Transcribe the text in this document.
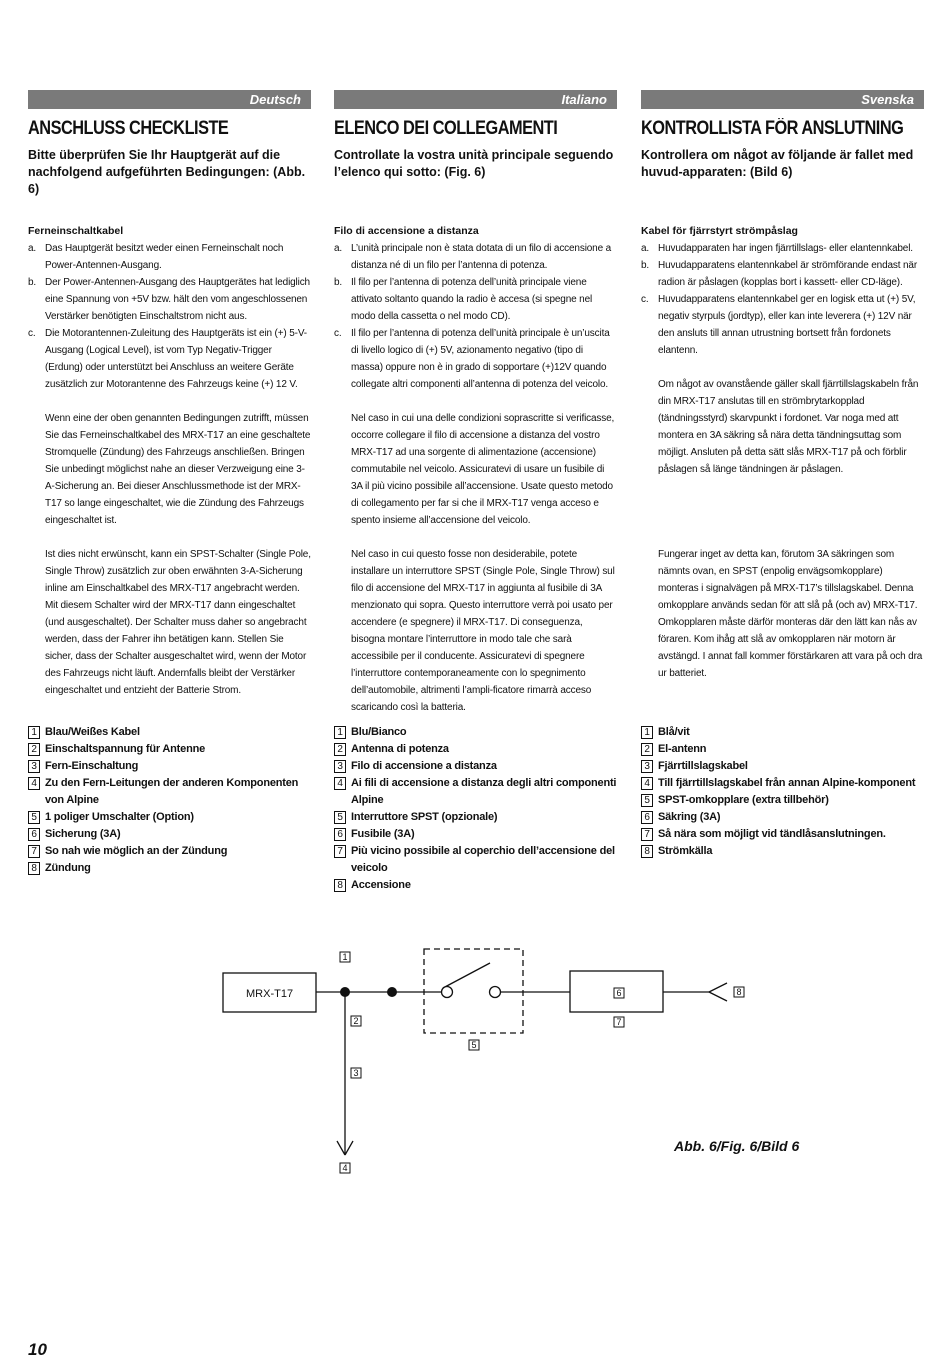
Deutsch
ANSCHLUSS CHECKLISTE

Bitte überprüfen Sie Ihr Hauptgerät auf die nachfolgend aufgeführten Bedingungen: (Abb. 6)

Ferneinschaltkabel
a. Das Hauptgerät besitzt weder einen Ferneinschalt noch Power-Antennen-Ausgang.
b. Der Power-Antennen-Ausgang des Hauptgerätes hat lediglich eine Spannung von +5V bzw. hält den vom angeschlossenen Verstärker benötigten Einschaltstrom nicht aus.
c. Die Motorantennen-Zuleitung des Hauptgeräts ist ein (+) 5-V-Ausgang (Logical Level), ist vom Typ Negativ-Trigger (Erdung) oder unterstützt bei Anschluss an weitere Geräte zusätzlich zur Motorantenne des Fahrzeugs keine (+) 12 V.

Wenn eine der oben genannten Bedingungen zutrifft, müssen Sie das Ferneinschaltkabel des MRX-T17 an eine geschaltete Stromquelle (Zündung) des Fahrzeugs anschließen. Bringen Sie unbedingt möglichst nahe an dieser Verzweigung eine 3-A-Sicherung an. Bei dieser Anschlussmethode ist der MRX-T17 so lange eingeschaltet, wie die Zündung des Fahrzeugs eingeschaltet ist.

Ist dies nicht erwünscht, kann ein SPST-Schalter (Single Pole, Single Throw) zusätzlich zur oben erwähnten 3-A-Sicherung inline am Einschaltkabel des MRX-T17 angebracht werden. Mit diesem Schalter wird der MRX-T17 dann eingeschaltet (und ausgeschaltet). Der Schalter muss daher so angebracht werden, dass der Fahrer ihn betätigen kann. Stellen Sie sicher, dass der Schalter ausgeschaltet wird, wenn der Motor des Fahrzeugs nicht läuft. Andernfalls bleibt der Verstärker eingeschaltet und entzieht der Batterie Strom.

Italiano
ELENCO DEI COLLEGAMENTI

Controllate la vostra unità principale seguendo l’elenco qui sotto: (Fig. 6)

Filo di accensione a distanza
a. L’unità principale non è stata dotata di un filo di accensione a distanza né di un filo per l’antenna di potenza.
b. Il filo per l’antenna di potenza dell’unità principale viene attivato soltanto quando la radio è accesa (si spegne nel modo della cassetta o nel modo CD).
c. Il filo per l’antenna di potenza dell’unità principale è un’uscita di livello logico di (+) 5V, azionamento negativo (tipo di massa) oppure non è in grado di sopportare (+)12V quando collegate altri componenti all’antenna di potenza del veicolo.

Nel caso in cui una delle condizioni soprascritte si verificasse, occorre collegare il filo di accensione a distanza del vostro MRX-T17 ad una sorgente di alimentazione (accensione) commutabile nel veicolo. Assicuratevi di usare un fusibile di 3A il più vicino possibile all’accensione. Usate questo metodo di collegamento per far si che il MRX-T17 venga acceso e spento insieme all’accensione del veicolo.

Nel caso in cui questo fosse non desiderabile, potete installare un interruttore SPST (Single Pole, Single Throw) sul filo di accensione del MRX-T17 in aggiunta al fusibile di 3A menzionato qui sopra. Questo interruttore verrà poi usato per accendere (e spegnere) il MRX-T17. Di conseguenza, bisogna montare l’interruttore in modo tale che sarà accessibile per il conducente. Assicuratevi di spegnere l’interruttore contemporaneamente con lo spegnimento dell’automobile, altrimenti l’ampli-ficatore rimarrà acceso scaricando così la batteria.

Svenska
KONTROLLISTA FÖR ANSLUTNING

Kontrollera om något av följande är fallet med huvud-apparaten: (Bild 6)

Kabel för fjärrstyrt strömpåslag
a. Huvudapparaten har ingen fjärrtillslags- eller elantennkabel.
b. Huvudapparatens elantennkabel är strömförande endast när radion är påslagen (kopplas bort i kassett- eller CD-läge).
c. Huvudapparatens elantennkabel ger en logisk etta ut (+) 5V, negativ styrpuls (jordtyp), eller kan inte leverera (+) 12V när den ansluts till annan utrustning bortsett från fordonets elantenn.

Om något av ovanstående gäller skall fjärrtillslagskabeln från din MRX-T17 anslutas till en strömbrytarkopplad (tändningsstyrd) skarvpunkt i fordonet. Var noga med att montera en 3A säkring så nära detta tändningsuttag som möjligt. Ansluten på detta sätt slås MRX-T17 på och förblir påslagen så länge tändningen är påslagen.

Fungerar inget av detta kan, förutom 3A säkringen som nämnts ovan, en SPST (enpolig envägsomkopplare) monteras i signalvägen på MRX-T17’s tillslagskabel. Denna omkopplare används sedan för att slå på (och av) MRX-T17. Omkopplaren måste därför monteras där den lätt kan nås av föraren. Kom ihåg att slå av omkopplaren när motorn är avstängd. I annat fall kommer förstärkaren att vara på och dra ur batteriet.

1 Blau/Weißes Kabel
2 Einschaltspannung für Antenne
3 Fern-Einschaltung
4 Zu den Fern-Leitungen der anderen Komponenten von Alpine
5 1 poliger Umschalter (Option)
6 Sicherung (3A)
7 So nah wie möglich an der Zündung
8 Zündung
1 Blu/Bianco
2 Antenna di potenza
3 Filo di accensione a distanza
4 Ai fili di accensione a distanza degli altri componenti Alpine
5 Interruttore SPST (opzionale)
6 Fusibile (3A)
7 Più vicino possibile al coperchio dell’accensione del veicolo
8 Accensione
1 Blå/vit
2 El-antenn
3 Fjärrtillslagskabel
4 Till fjärrtillslagskabel från annan Alpine-komponent
5 SPST-omkopplare (extra tillbehör)
6 Säkring (3A)
7 Så nära som möjligt vid tändlåsanslutningen.
8 Strömkälla
MRX-T17
1
2
3
4
5
6
7
8
Abb. 6/Fig. 6/Bild 6
10
